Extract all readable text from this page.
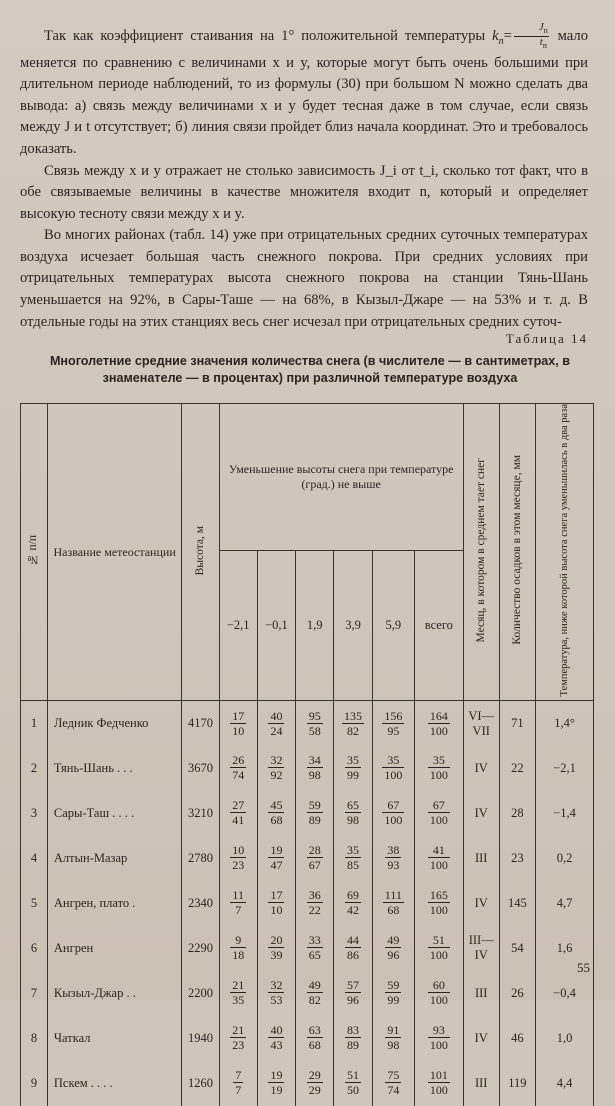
Так как коэффициент стаивания на 1° положительной температуры $k_n= \frac{J_n}{t_n}$ мало меняется по сравнению с величинами x и y, которые могут быть очень большими при длительном периоде наблюдений, то из формулы (30) при большом N можно сделать два вывода: а) связь между величинами x и y будет тесная даже в том случае, если связь между J и t отсутствует; б) линия связи пройдет близ начала координат. Это и требовалось доказать.

Связь между x и y отражает не столько зависимость J_i от t_i, сколько тот факт, что в обе связываемые величины в качестве множителя входит n, который и определяет высокую тесноту связи между x и y.

Во многих районах (табл. 14) уже при отрицательных средних суточных температурах воздуха исчезает большая часть снежного покрова. При средних условиях при отрицательных температурах высота снежного покрова на станции Тянь-Шань уменьшается на 92%, в Сары-Таше — на 68%, в Кызыл-Джаре — на 53% и т. д. В отдельные годы на этих станциях весь снег исчезал при отрицательных средних суточ-

Таблица 14
Многолетние средние значения количества снега (в числителе — в сантиметрах, в знаменателе — в процентах) при различной температуре воздуха
№ п/п	Название метеостанции	Высота, м	Уменьшение высоты снега при температуре (град.) не выше						Месяц, в котором в среднем тает снег	Количество осадков в этом месяце, мм	Температура, ниже которой высота снега уменьшилась в два раза
			−2,1	−0,1	1,9	3,9	5,9	всего			
1	Ледник Федченко	4170	$\frac{17}{10}$	$\frac{40}{24}$	$\frac{95}{58}$	$\frac{135}{82}$	$\frac{156}{95}$	$\frac{164}{100}$	VI—VII	71	1,4°
2	Тянь-Шань . . .	3670	$\frac{26}{74}$	$\frac{32}{92}$	$\frac{34}{98}$	$\frac{35}{99}$	$\frac{35}{100}$	$\frac{35}{100}$	IV	22	−2,1
3	Сары-Таш . . . .	3210	$\frac{27}{41}$	$\frac{45}{68}$	$\frac{59}{89}$	$\frac{65}{98}$	$\frac{67}{100}$	$\frac{67}{100}$	IV	28	−1,4
4	Алтын-Мазар	2780	$\frac{10}{23}$	$\frac{19}{47}$	$\frac{28}{67}$	$\frac{35}{85}$	$\frac{38}{93}$	$\frac{41}{100}$	III	23	0,2
5	Ангрен, плато .	2340	$\frac{11}{7}$	$\frac{17}{10}$	$\frac{36}{22}$	$\frac{69}{42}$	$\frac{111}{68}$	$\frac{165}{100}$	IV	145	4,7
6	Ангрен	2290	$\frac{9}{18}$	$\frac{20}{39}$	$\frac{33}{65}$	$\frac{44}{86}$	$\frac{49}{96}$	$\frac{51}{100}$	III—IV	54	1,6
7	Кызыл-Джар . .	2200	$\frac{21}{35}$	$\frac{32}{53}$	$\frac{49}{82}$	$\frac{57}{96}$	$\frac{59}{99}$	$\frac{60}{100}$	III	26	−0,4
8	Чаткал	1940	$\frac{21}{23}$	$\frac{40}{43}$	$\frac{63}{68}$	$\frac{83}{89}$	$\frac{91}{98}$	$\frac{93}{100}$	IV	46	1,0
9	Пскем . . . .	1260	$\frac{7}{7}$	$\frac{19}{19}$	$\frac{29}{29}$	$\frac{51}{50}$	$\frac{75}{74}$	$\frac{101}{100}$	III	119	4,4
55
